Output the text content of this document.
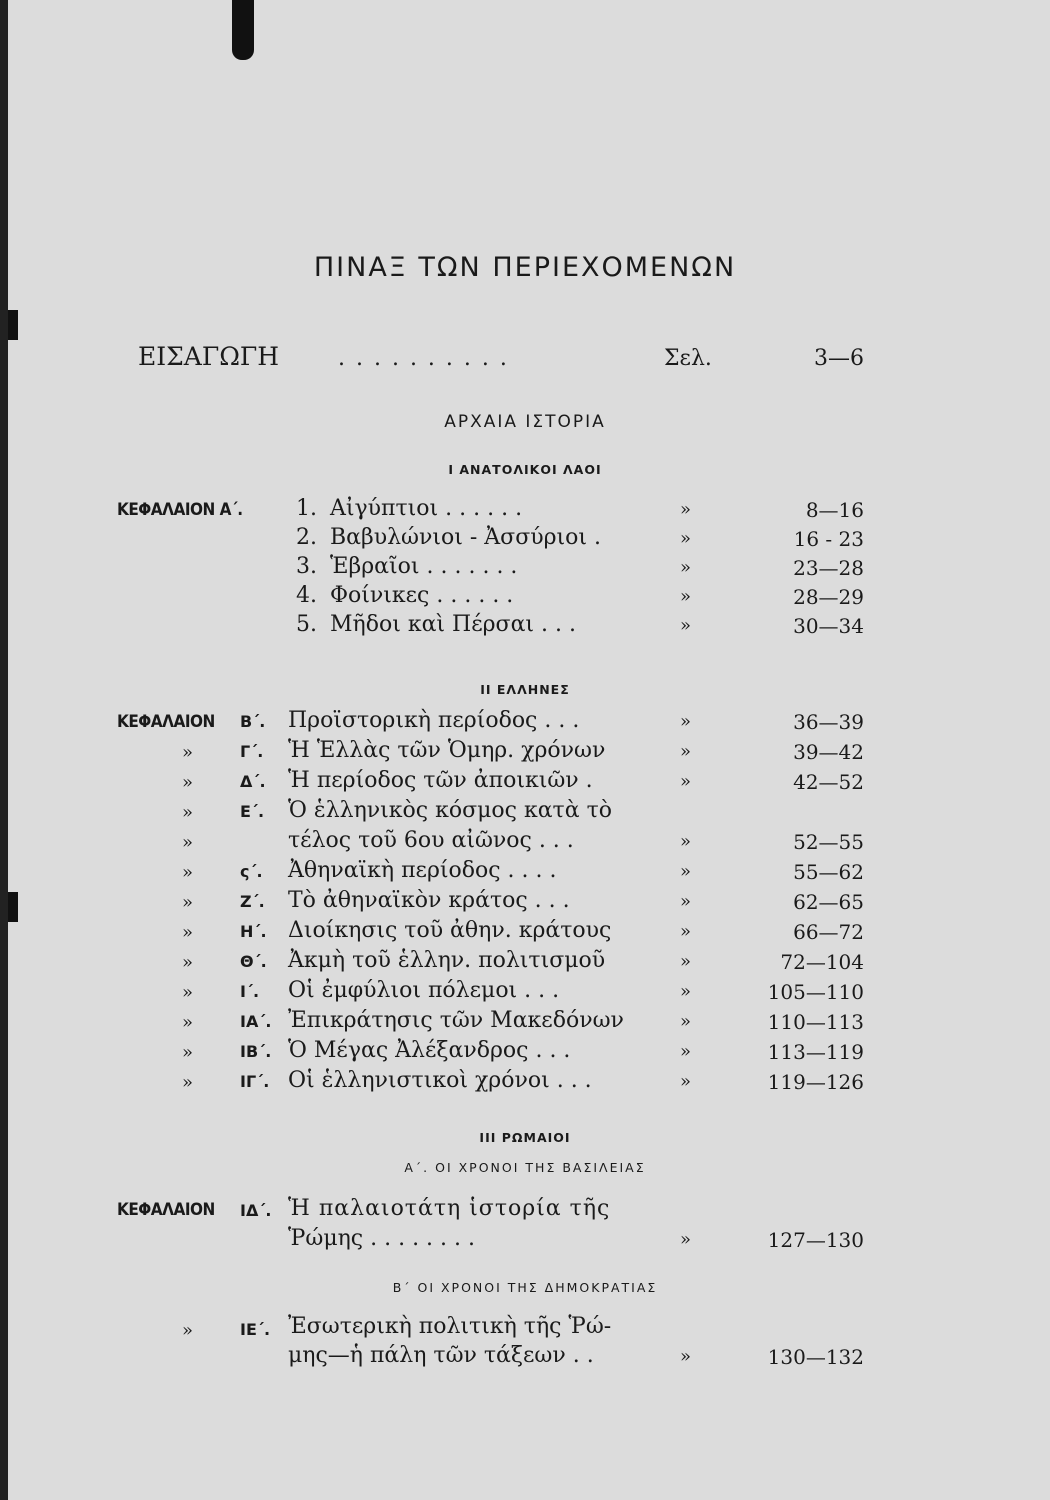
ΠΙΝΑΞ ΤΩΝ ΠΕΡΙΕΧΟΜΕΝΩΝ
ΕΙΣΑΓΩΓΗ	. . . . . . . . . .	Σελ.	3—6
ΑΡΧΑΙΑ ΙΣΤΟΡΙΑ
Ι ΑΝΑΤΟΛΙΚΟΙ ΛΑΟΙ
ΚΕΦΑΛΑΙΟΝ Α΄. 1. Αἰγύπτιοι . . . . . .	»	8—16
2. Βαβυλώνιοι - Ἀσσύριοι .	»	16 - 23
3. Ἑβραῖοι . . . . . . .	»	23—28
4. Φοίνικες . . . . . .	»	28—29
5. Μῆδοι καὶ Πέρσαι . . .	»	30—34
ΙΙ ΕΛΛΗΝΕΣ
ΚΕΦΑΛΑΙΟΝ Β΄. Προϊστορικὴ περίοδος . . .	»	36—39
»	Γ΄. Ἡ Ἑλλὰς τῶν Ὁμηρ. χρόνων	»	39—42
»	Δ΄. Ἡ περίοδος τῶν ἀποικιῶν .	»	42—52
»	Ε΄. Ὁ ἑλληνικὸς κόσμος κατὰ τὸ
»	τέλος τοῦ 6ου αἰῶνος . . .	»	52—55
»	ς΄. Ἀθηναϊκὴ περίοδος . . . .	»	55—62
»	Ζ΄. Τὸ ἀθηναϊκὸν κράτος . . .	»	62—65
»	Η΄. Διοίκησις τοῦ ἀθην. κράτους	»	66—72
»	Θ΄. Ἀκμὴ τοῦ ἑλλην. πολιτισμοῦ	»	72—104
»	Ι΄. Οἱ ἐμφύλιοι πόλεμοι . . .	»	105—110
»	ΙΑ΄. Ἐπικράτησις τῶν Μακεδόνων	»	110—113
»	ΙΒ΄. Ὁ Μέγας Ἀλέξανδρος . . .	»	113—119
»	ΙΓ΄. Οἱ ἑλληνιστικοὶ χρόνοι . . .	»	119—126
ΙΙΙ ΡΩΜΑΙΟΙ
Α΄. ΟΙ ΧΡΟΝΟΙ ΤΗΣ ΒΑΣΙΛΕΙΑΣ
ΚΕΦΑΛΑΙΟΝ ΙΔ΄. Ἡ παλαιοτάτη ἱστορία τῆς
Ῥώμης . . . . . . . .	»	127—130
Β΄ ΟΙ ΧΡΟΝΟΙ ΤΗΣ ΔΗΜΟΚΡΑΤΙΑΣ
»	ΙΕ΄. Ἐσωτερικὴ πολιτικὴ τῆς Ῥώ-
μης—ἡ πάλη τῶν τάξεων . .	»	130—132
